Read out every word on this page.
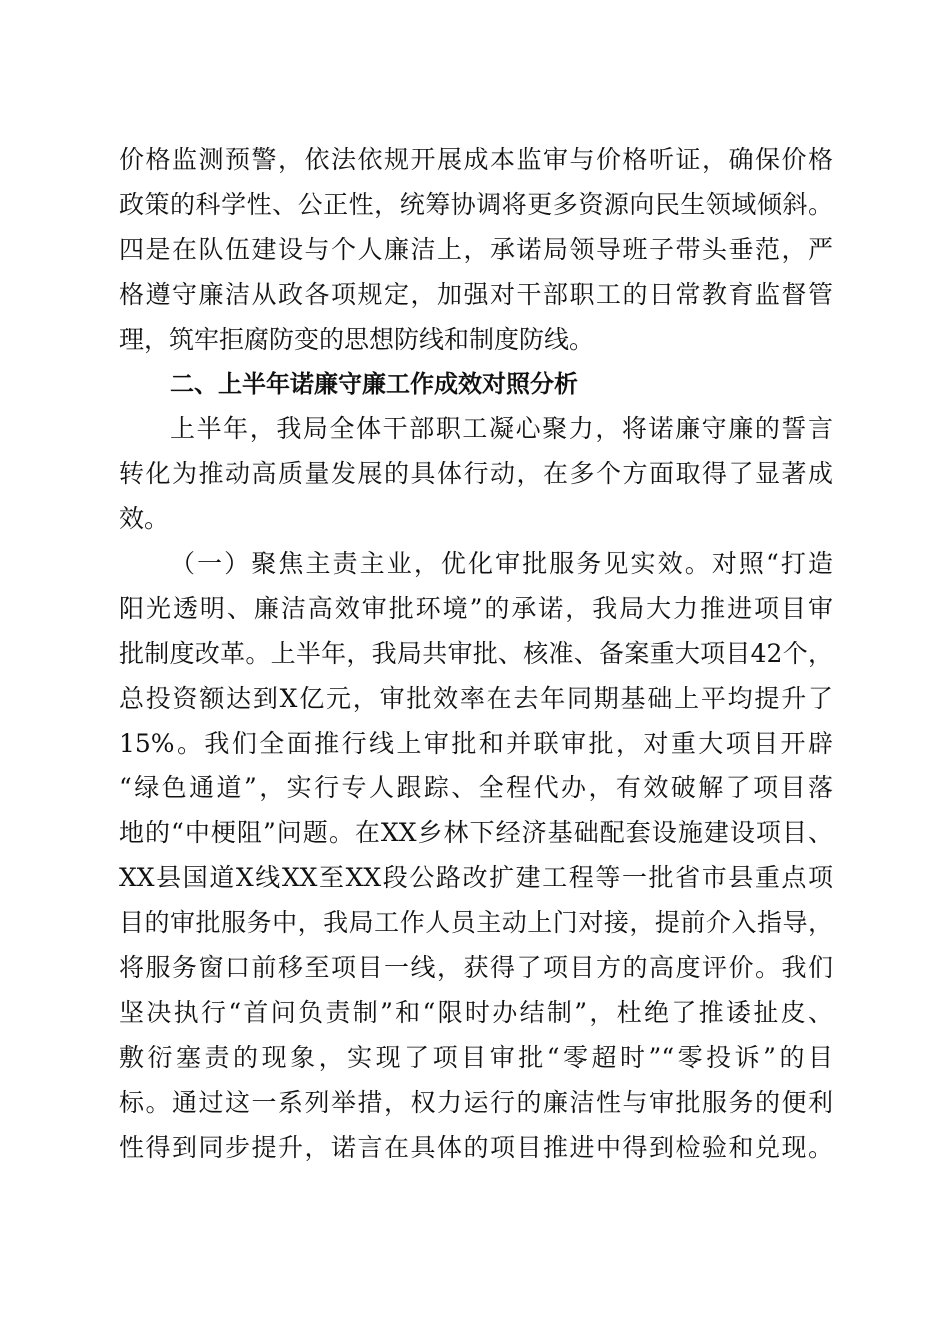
价格监测预警，依法依规开展成本监审与价格听证，确保价格
政策的科学性、公正性，统筹协调将更多资源向民生领域倾斜。
四是在队伍建设与个人廉洁上，承诺局领导班子带头垂范，严
格遵守廉洁从政各项规定，加强对干部职工的日常教育监督管
理，筑牢拒腐防变的思想防线和制度防线。
二、上半年诺廉守廉工作成效对照分析
上半年，我局全体干部职工凝心聚力，将诺廉守廉的誓言
转化为推动高质量发展的具体行动，在多个方面取得了显著成
效。
（一）聚焦主责主业，优化审批服务见实效。对照“打造
阳光透明、廉洁高效审批环境”的承诺，我局大力推进项目审
批制度改革。上半年，我局共审批、核准、备案重大项目42个，
总投资额达到X亿元，审批效率在去年同期基础上平均提升了
15%。我们全面推行线上审批和并联审批，对重大项目开辟
“绿色通道”，实行专人跟踪、全程代办，有效破解了项目落
地的“中梗阻”问题。在XX乡林下经济基础配套设施建设项目、
XX县国道X线XX至XX段公路改扩建工程等一批省市县重点项
目的审批服务中，我局工作人员主动上门对接，提前介入指导，
将服务窗口前移至项目一线，获得了项目方的高度评价。我们
坚决执行“首问负责制”和“限时办结制”，杜绝了推诿扯皮、
敷衍塞责的现象，实现了项目审批“零超时”“零投诉”的目
标。通过这一系列举措，权力运行的廉洁性与审批服务的便利
性得到同步提升，诺言在具体的项目推进中得到检验和兑现。
